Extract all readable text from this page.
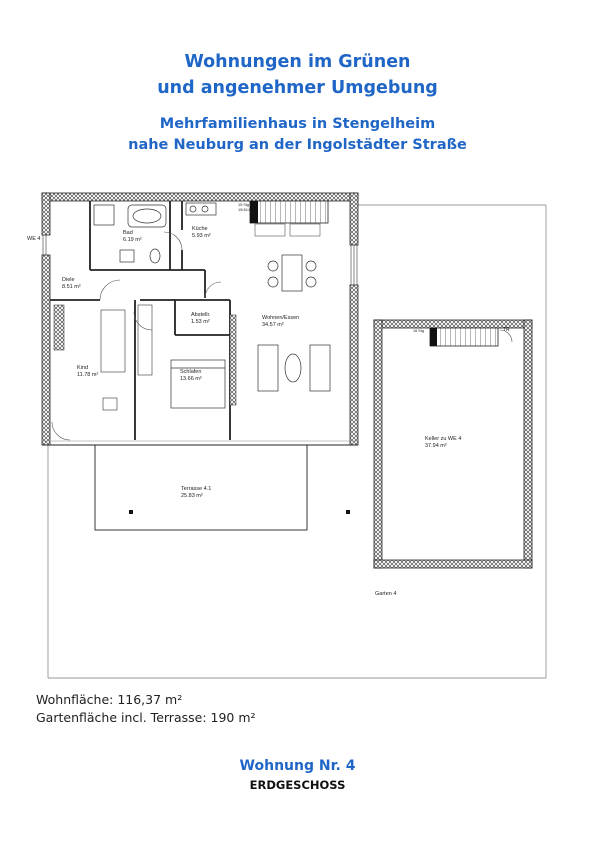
Wohnungen im Grünen
und angenehmer Umgebung
Mehrfamilienhaus in Stengelheim
nahe Neuburg an der Ingolstädter Straße
WE 4
Bad
6.19 m²
Küche
5.93 m²
Diele
8.51 m²
Abstellr.
1.53 m²
Wohnen/Essen
34.57 m²
Kind
11.78 m²	Schlafen
13.66 m²
Terrasse 4.1
25.83 m²
Keller zu WE 4
37.94 m²
Garten 4
15 Stg
19/16.8
16 Stg	TR
Wohnfläche: 116,37 m²
Gartenfläche incl. Terrasse: 190 m²
Wohnung Nr. 4
ERDGESCHOSS
